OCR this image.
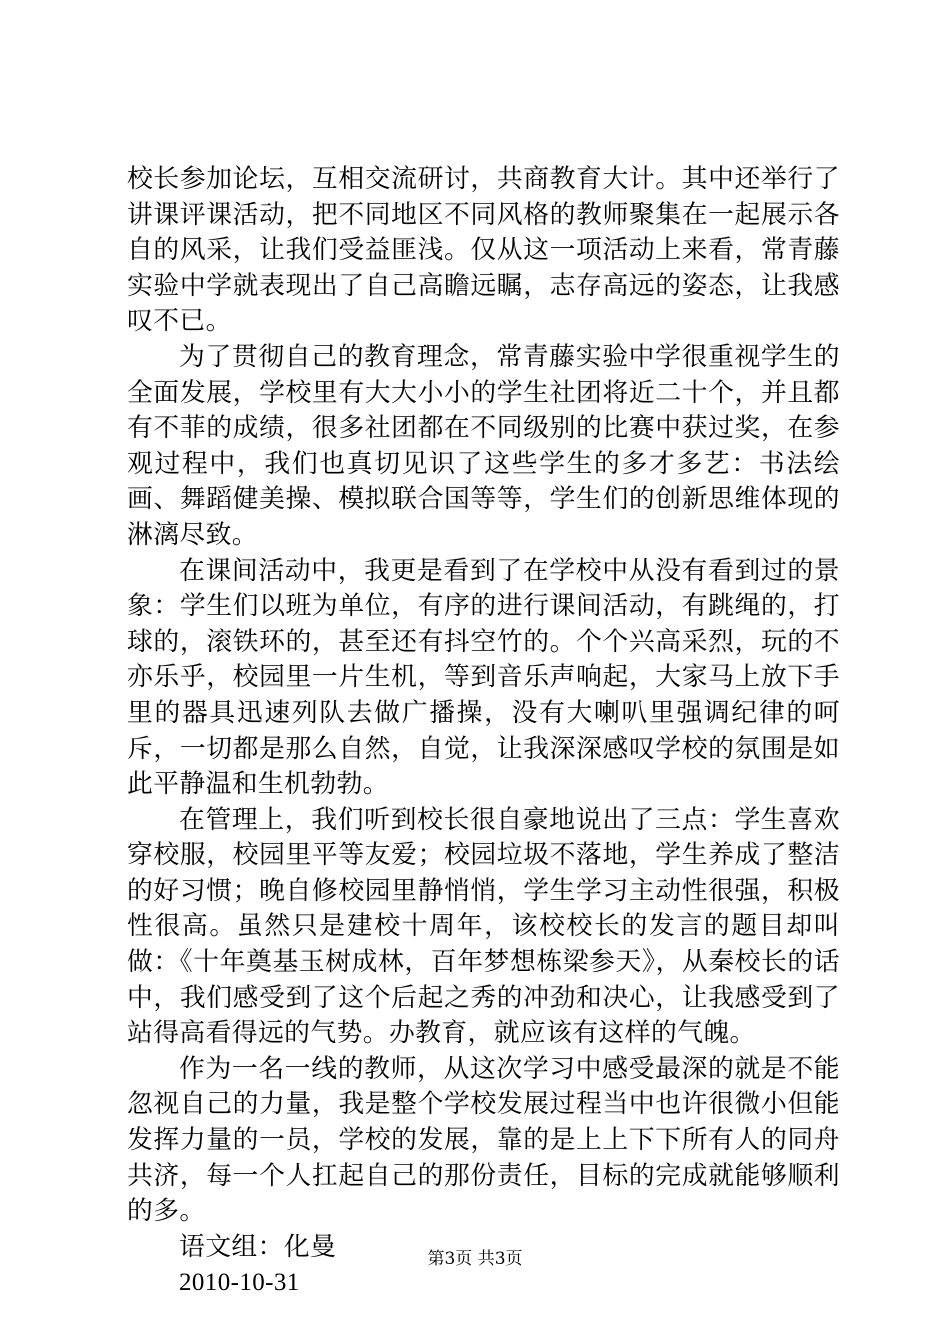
校长参加论坛，互相交流研讨，共商教育大计。其中还举行了讲课评课活动，把不同地区不同风格的教师聚集在一起展示各自的风采，让我们受益匪浅。仅从这一项活动上来看，常青藤实验中学就表现出了自己高瞻远瞩，志存高远的姿态，让我感叹不已。

为了贯彻自己的教育理念，常青藤实验中学很重视学生的全面发展，学校里有大大小小的学生社团将近二十个，并且都有不菲的成绩，很多社团都在不同级别的比赛中获过奖，在参观过程中，我们也真切见识了这些学生的多才多艺：书法绘画、舞蹈健美操、模拟联合国等等，学生们的创新思维体现的淋漓尽致。

在课间活动中，我更是看到了在学校中从没有看到过的景象：学生们以班为单位，有序的进行课间活动，有跳绳的，打球的，滚铁环的，甚至还有抖空竹的。个个兴高采烈，玩的不亦乐乎，校园里一片生机，等到音乐声响起，大家马上放下手里的器具迅速列队去做广播操，没有大喇叭里强调纪律的呵斥，一切都是那么自然，自觉，让我深深感叹学校的氛围是如此平静温和生机勃勃。

在管理上，我们听到校长很自豪地说出了三点：学生喜欢穿校服，校园里平等友爱；校园垃圾不落地，学生养成了整洁的好习惯；晚自修校园里静悄悄，学生学习主动性很强，积极性很高。虽然只是建校十周年，该校校长的发言的题目却叫做：《十年奠基玉树成林，百年梦想栋梁参天》，从秦校长的话中，我们感受到了这个后起之秀的冲劲和决心，让我感受到了站得高看得远的气势。办教育，就应该有这样的气魄。

作为一名一线的教师，从这次学习中感受最深的就是不能忽视自己的力量，我是整个学校发展过程当中也许很微小但能发挥力量的一员，学校的发展，靠的是上上下下所有人的同舟共济，每一个人扛起自己的那份责任，目标的完成就能够顺利的多。

语文组：化曼

2010-10-31

第3页 共3页
